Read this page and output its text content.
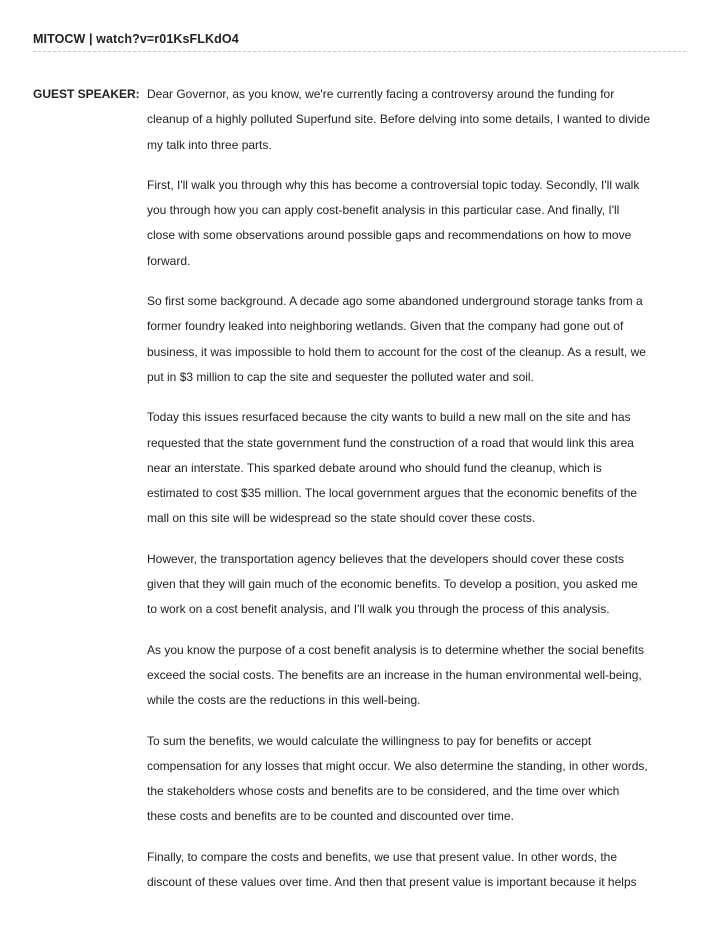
MITOCW | watch?v=r01KsFLKdO4
GUEST SPEAKER: Dear Governor, as you know, we're currently facing a controversy around the funding for
cleanup of a highly polluted Superfund site. Before delving into some details, I wanted to divide
my talk into three parts.

First, I'll walk you through why this has become a controversial topic today. Secondly, I'll walk
you through how you can apply cost-benefit analysis in this particular case. And finally, I'll
close with some observations around possible gaps and recommendations on how to move
forward.

So first some background. A decade ago some abandoned underground storage tanks from a
former foundry leaked into neighboring wetlands. Given that the company had gone out of
business, it was impossible to hold them to account for the cost of the cleanup. As a result, we
put in $3 million to cap the site and sequester the polluted water and soil.

Today this issues resurfaced because the city wants to build a new mall on the site and has
requested that the state government fund the construction of a road that would link this area
near an interstate. This sparked debate around who should fund the cleanup, which is
estimated to cost $35 million. The local government argues that the economic benefits of the
mall on this site will be widespread so the state should cover these costs.

However, the transportation agency believes that the developers should cover these costs
given that they will gain much of the economic benefits. To develop a position, you asked me
to work on a cost benefit analysis, and I'll walk you through the process of this analysis.

As you know the purpose of a cost benefit analysis is to determine whether the social benefits
exceed the social costs. The benefits are an increase in the human environmental well-being,
while the costs are the reductions in this well-being.

To sum the benefits, we would calculate the willingness to pay for benefits or accept
compensation for any losses that might occur. We also determine the standing, in other words,
the stakeholders whose costs and benefits are to be considered, and the time over which
these costs and benefits are to be counted and discounted over time.

Finally, to compare the costs and benefits, we use that present value. In other words, the
discount of these values over time. And then that present value is important because it helps
